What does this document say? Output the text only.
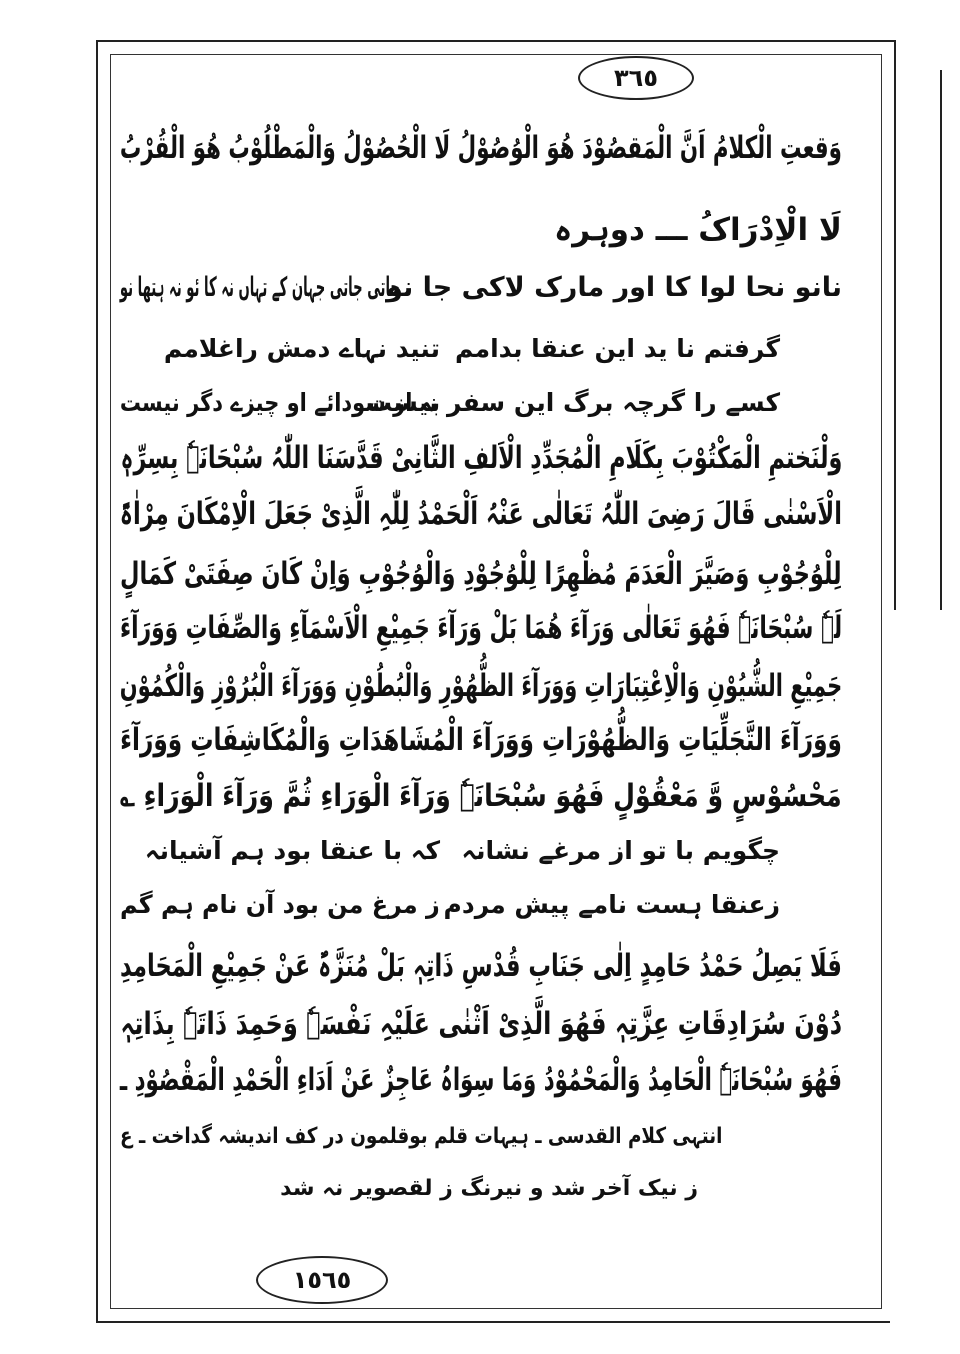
٣٦٥
وَقعتِ الْکلامُ اَنَّ الْمَقصُوْدَ ھُوَ الْوُصُوْلُ لَا الْحُصُوْلُ وَالْمَطْلُوْبُ ھُوَ الْقُرْبُ
لَا الْاِدْرَاکُ ـــ دوہرہ
جاتی جاتی جہان کے تہاں نہ کا ئو نہ ہتھا نو
نانو نحا لوا کا اور مارک لاکی جا نو
گرفتم نا ید این عنقا بدامم
تنید نہاے دمش راغلامم
کسے را گرچہ برگ این سفر نیست
بہ از سودائے او چیزے دگر نیست
وَلْنَختمِ الْمَکْتُوْبَ بِکَلَامِ الْمُجَدِّدِ الْاَلفِ الثَّانِیْ قَدَّسَنَا اللّٰہُ سُبْحَانَہٗ بِسِرِّہٖ
الْاَسْنٰی قَالَ رَضِیَ اللّٰہُ تَعَالٰی عَنْہُ اَلْحَمْدُ لِلّٰہِ الَّذِیْ جَعَلَ الْاِمْکَانَ مِرْاٰۃً
لِلْوُجُوْبِ وَصَیَّرَ الْعَدَمَ مُظْھِرًا لِلْوُجُوْدِ وَالْوُجُوْبِ وَاِنْ کَانَ صِفَتَیْ کَمَالٍ
لَہٗ سُبْحَانَہٗ فَھُوَ تَعَالٰی وَرَآءَ ھُمَا بَلْ وَرَآءَ جَمِیْعِ الْاَسْمَآءِ وَالصِّفَاتِ وَوَرَآءَ
جَمِیْعِ الشُّیُوْنِ وَالْاِعْتِبَارَاتِ وَوَرَآءَ الظُّھُوْرِ وَالْبُطُوْنِ وَوَرَآءَ الْبُرُوْزِ وَالْکُمُوْنِ
وَوَرَآءَ التَّجَلِّیَاتِ وَالظُّھُوْرَاتِ وَوَرَآءَ الْمُشَاھَدَاتِ وَالْمُکَاشِفَاتِ وَوَرَآءَ
مَحْسُوْسٍ وَّ مَعْقُوْلٍ فَھُوَ سُبْحَانَہٗ وَرَآءَ الْوَرَاءِ ثُمَّ وَرَآءَ الْوَرَاءِ ؎
چگویم با تو از مرغے نشانہ
کہ با عنقا بود ہم آشیانہ
زعنقا ہست نامے پیش مردم
ز مرغ من بود آن نام ہم گم
فَلَا یَصِلُ حَمْدُ حَامِدٍ اِلٰی جَنَابِ قُدْسِ ذَاتِہٖ بَلْ مُنَزَّہٌ عَنْ جَمِیْعِ الْمَحَامِدِ
دُوْنَ سُرَادِقَاتِ عِزَّتِہٖ فَھُوَ الَّذِیْ اَثْنٰی عَلَیْہِ نَفْسَہٗ وَحَمِدَ ذَاتَہٗ بِذَاتِہٖ
فَھُوَ سُبْحَانَہٗ الْحَامِدُ وَالْمَحْمُوْدُ وَمَا سِوَاہُ عَاجِزٌ عَنْ اَدَاءِ الْحَمْدِ الْمَقْصُوْدِ ـ
انتہی کلام القدسی ـ ہیہات قلم بوقلمون در کف اندیشہ گداخت ـ ع
ز نیک آخر شد و نیرنگ ز لقصویر نہ شد
١٥٦٥
